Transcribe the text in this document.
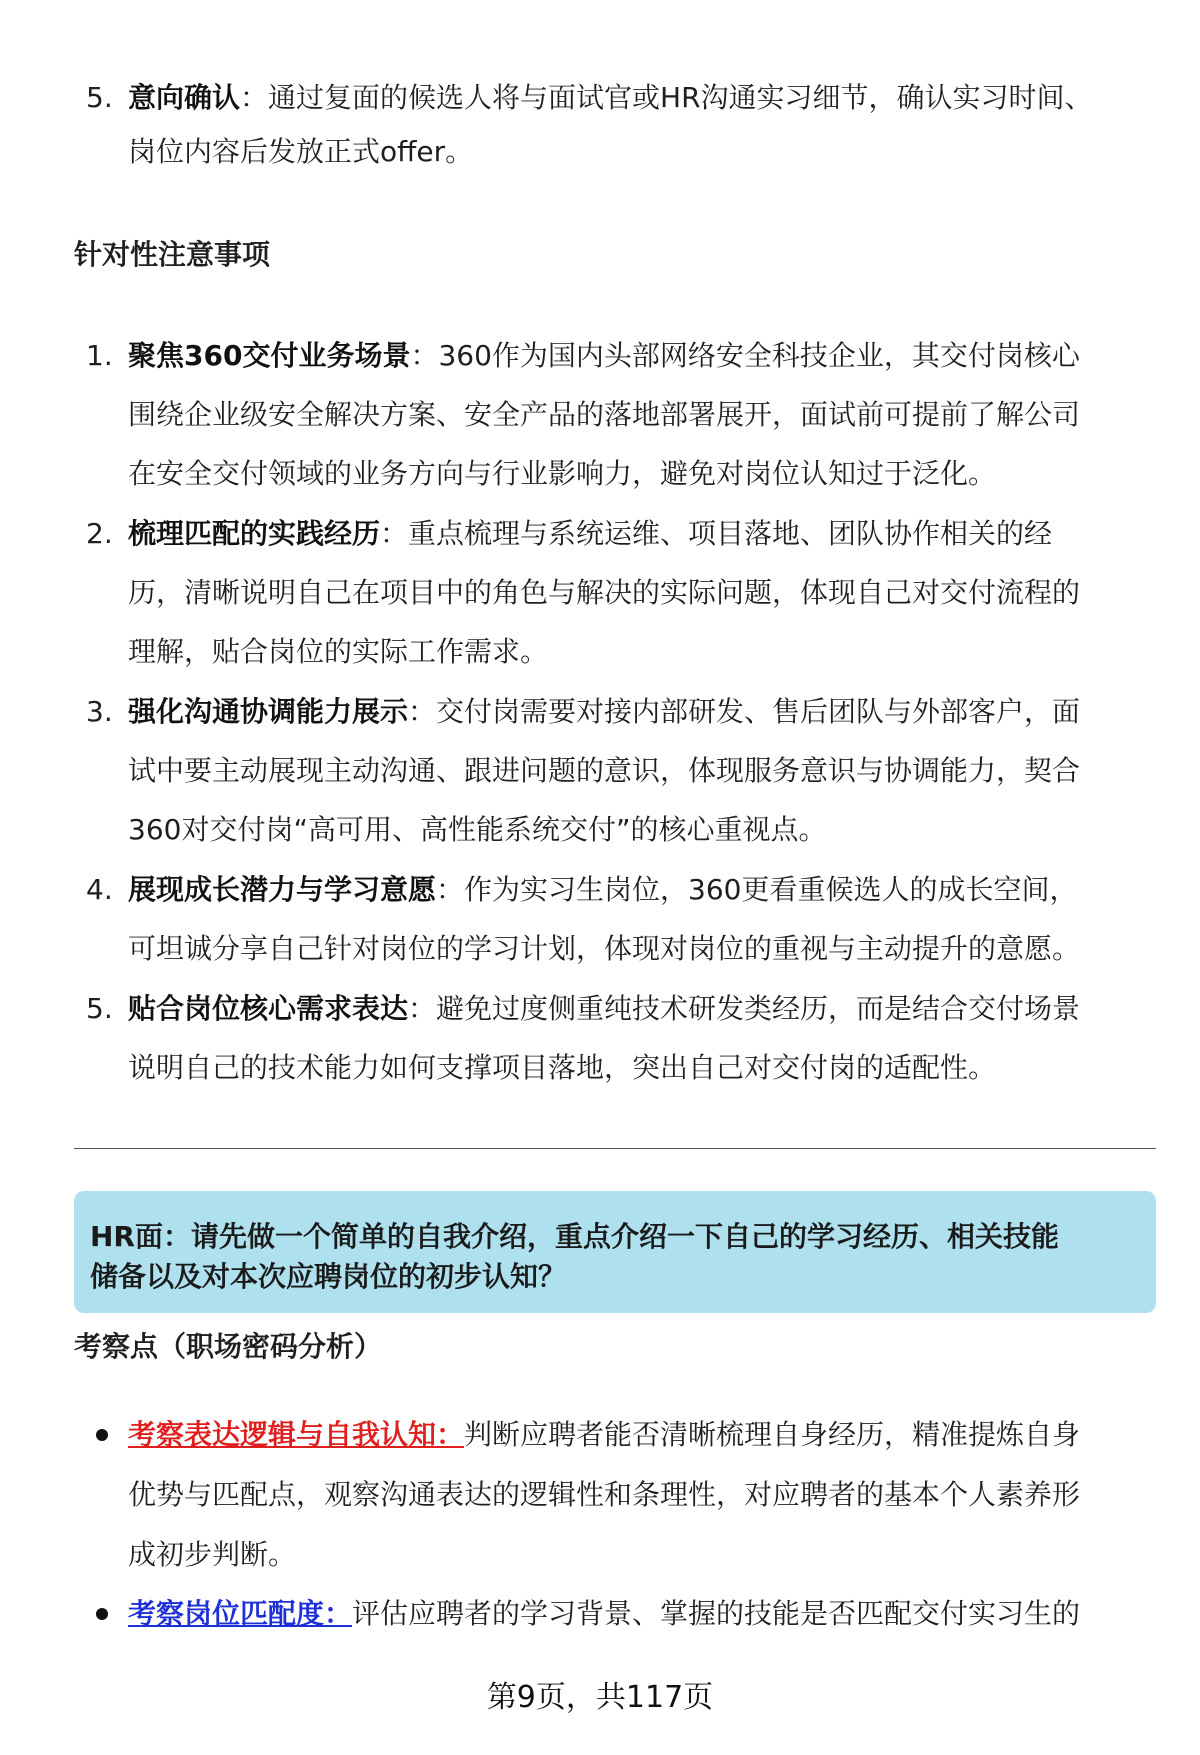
5. 意向确认：通过复面的候选人将与面试官或HR沟通实习细节，确认实习时间、
岗位内容后发放正式offer。
针对性注意事项
1. 聚焦360交付业务场景：360作为国内头部网络安全科技企业，其交付岗核心
围绕企业级安全解决方案、安全产品的落地部署展开，面试前可提前了解公司
在安全交付领域的业务方向与行业影响力，避免对岗位认知过于泛化。
2. 梳理匹配的实践经历：重点梳理与系统运维、项目落地、团队协作相关的经
历，清晰说明自己在项目中的角色与解决的实际问题，体现自己对交付流程的
理解，贴合岗位的实际工作需求。
3. 强化沟通协调能力展示：交付岗需要对接内部研发、售后团队与外部客户，面
试中要主动展现主动沟通、跟进问题的意识，体现服务意识与协调能力，契合
360对交付岗“高可用、高性能系统交付”的核心重视点。
4. 展现成长潜力与学习意愿：作为实习生岗位，360更看重候选人的成长空间，
可坦诚分享自己针对岗位的学习计划，体现对岗位的重视与主动提升的意愿。
5. 贴合岗位核心需求表达：避免过度侧重纯技术研发类经历，而是结合交付场景
说明自己的技术能力如何支撑项目落地，突出自己对交付岗的适配性。
HR面：请先做一个简单的自我介绍，重点介绍一下自己的学习经历、相关技能
储备以及对本次应聘岗位的初步认知？
考察点（职场密码分析）
考察表达逻辑与自我认知：判断应聘者能否清晰梳理自身经历，精准提炼自身
优势与匹配点，观察沟通表达的逻辑性和条理性，对应聘者的基本个人素养形
成初步判断。
考察岗位匹配度：评估应聘者的学习背景、掌握的技能是否匹配交付实习生的
第9页，共117页
